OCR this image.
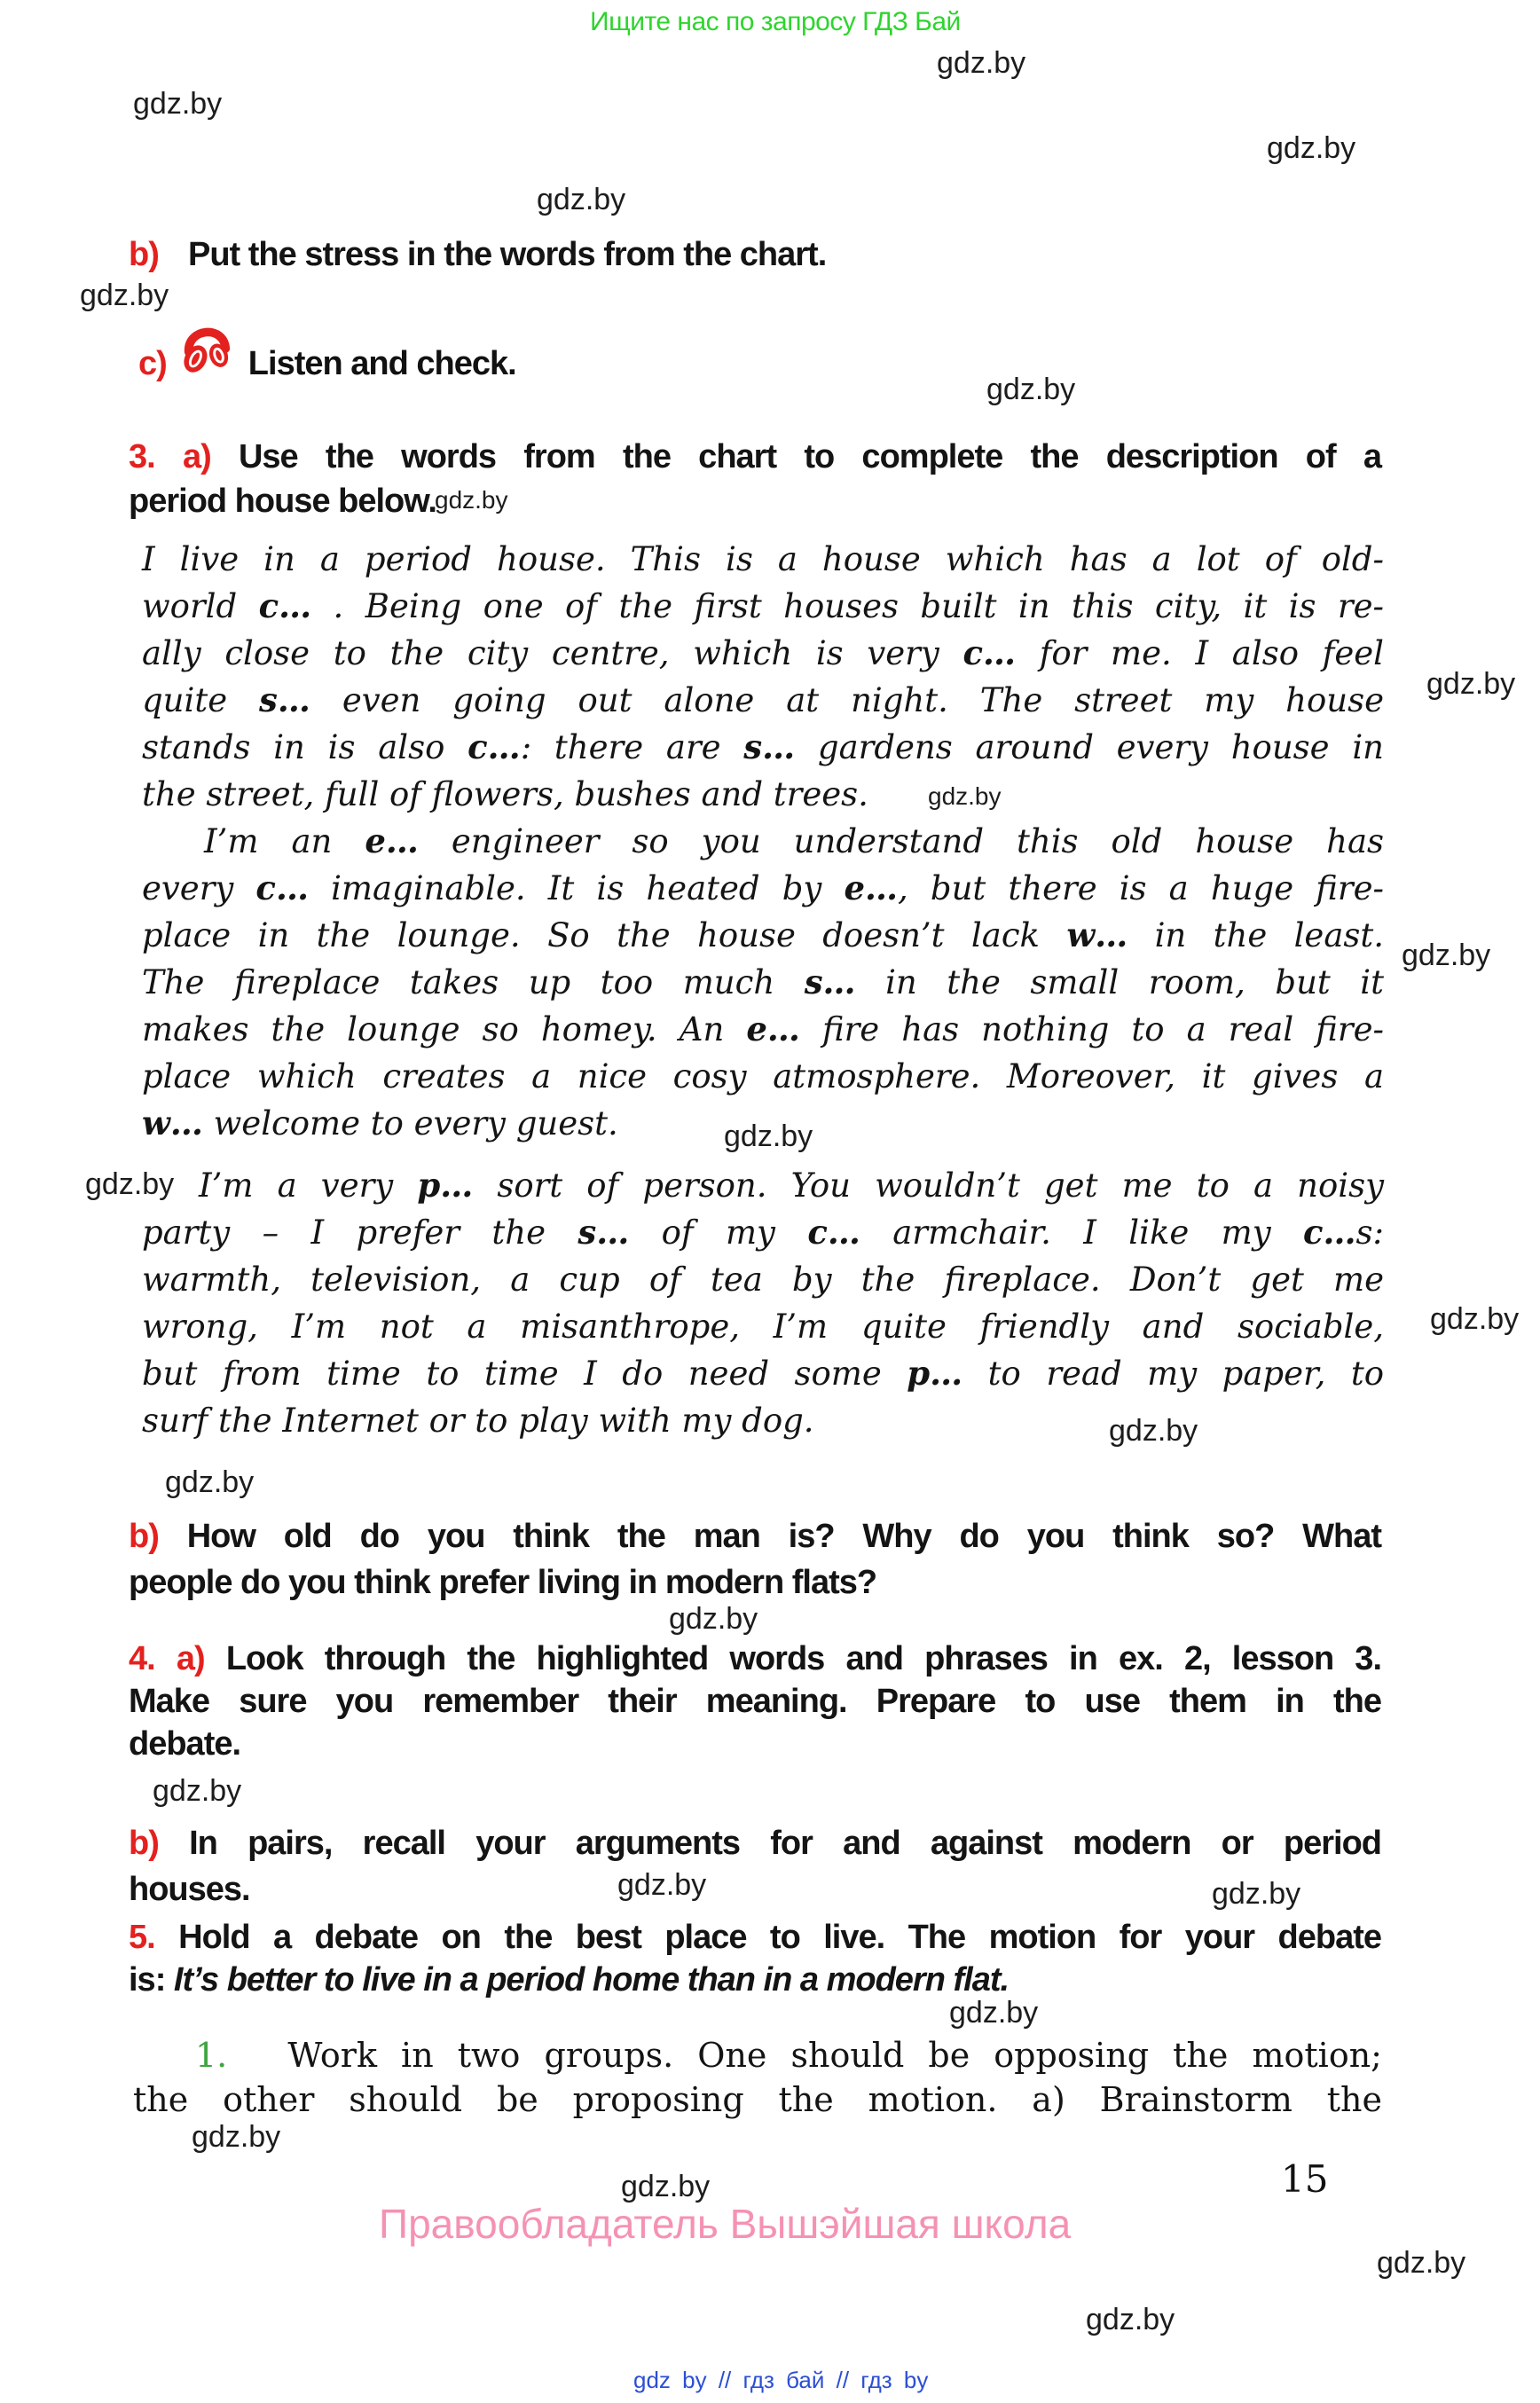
Ищите нас по запросу ГДЗ Бай
gdz.by
gdz.by
gdz.by
gdz.by
gdz.by
gdz.by
gdz.by
gdz.by
gdz.by
gdz.by
gdz.by
gdz.by
gdz.by
gdz.by
gdz.by
gdz.by
gdz.by
gdz.by	gdz.by
gdz.by
gdz.by
gdz.by
gdz.by
gdz.by
b) Put the stress in the words from the chart.
c) Listen and check.
3. a) Use the words from the chart to complete the description of a
period house below.
I live in a period house. This is a house which has a lot of old-
world c… . Being one of the first houses built in this city, it is re-
ally close to the city centre, which is very c… for me. I also feel
quite s… even going out alone at night. The street my house
stands in is also c…: there are s… gardens around every house in
the street, full of flowers, bushes and trees.
I’m an e… engineer so you understand this old house has
every c… imaginable. It is heated by e…, but there is a huge fire-
place in the lounge. So the house doesn’t lack w… in the least.
The fireplace takes up too much s… in the small room, but it
makes the lounge so homey. An e… fire has nothing to a real fire-
place which creates a nice cosy atmosphere. Moreover, it gives a
w… welcome to every guest.
I’m a very p… sort of person. You wouldn’t get me to a noisy
party – I prefer the s… of my c… armchair. I like my c…s:
warmth, television, a cup of tea by the fireplace. Don’t get me
wrong, I’m not a misanthrope, I’m quite friendly and sociable,
but from time to time I do need some p… to read my paper, to
surf the Internet or to play with my dog.
b) How old do you think the man is? Why do you think so? What
people do you think prefer living in modern flats?
4. a) Look through the highlighted words and phrases in ex. 2, lesson 3.
Make sure you remember their meaning. Prepare to use them in the
debate.
b) In pairs, recall your arguments for and against modern or period
houses.
5. Hold a debate on the best place to live. The motion for your debate
is: It’s better to live in a period home than in a modern flat.
1. Work in two groups. One should be opposing the motion;
the other should be proposing the motion. a) Brainstorm the
15
Правообладатель Вышэйшая школа
gdz by // гдз бай // гдз by
